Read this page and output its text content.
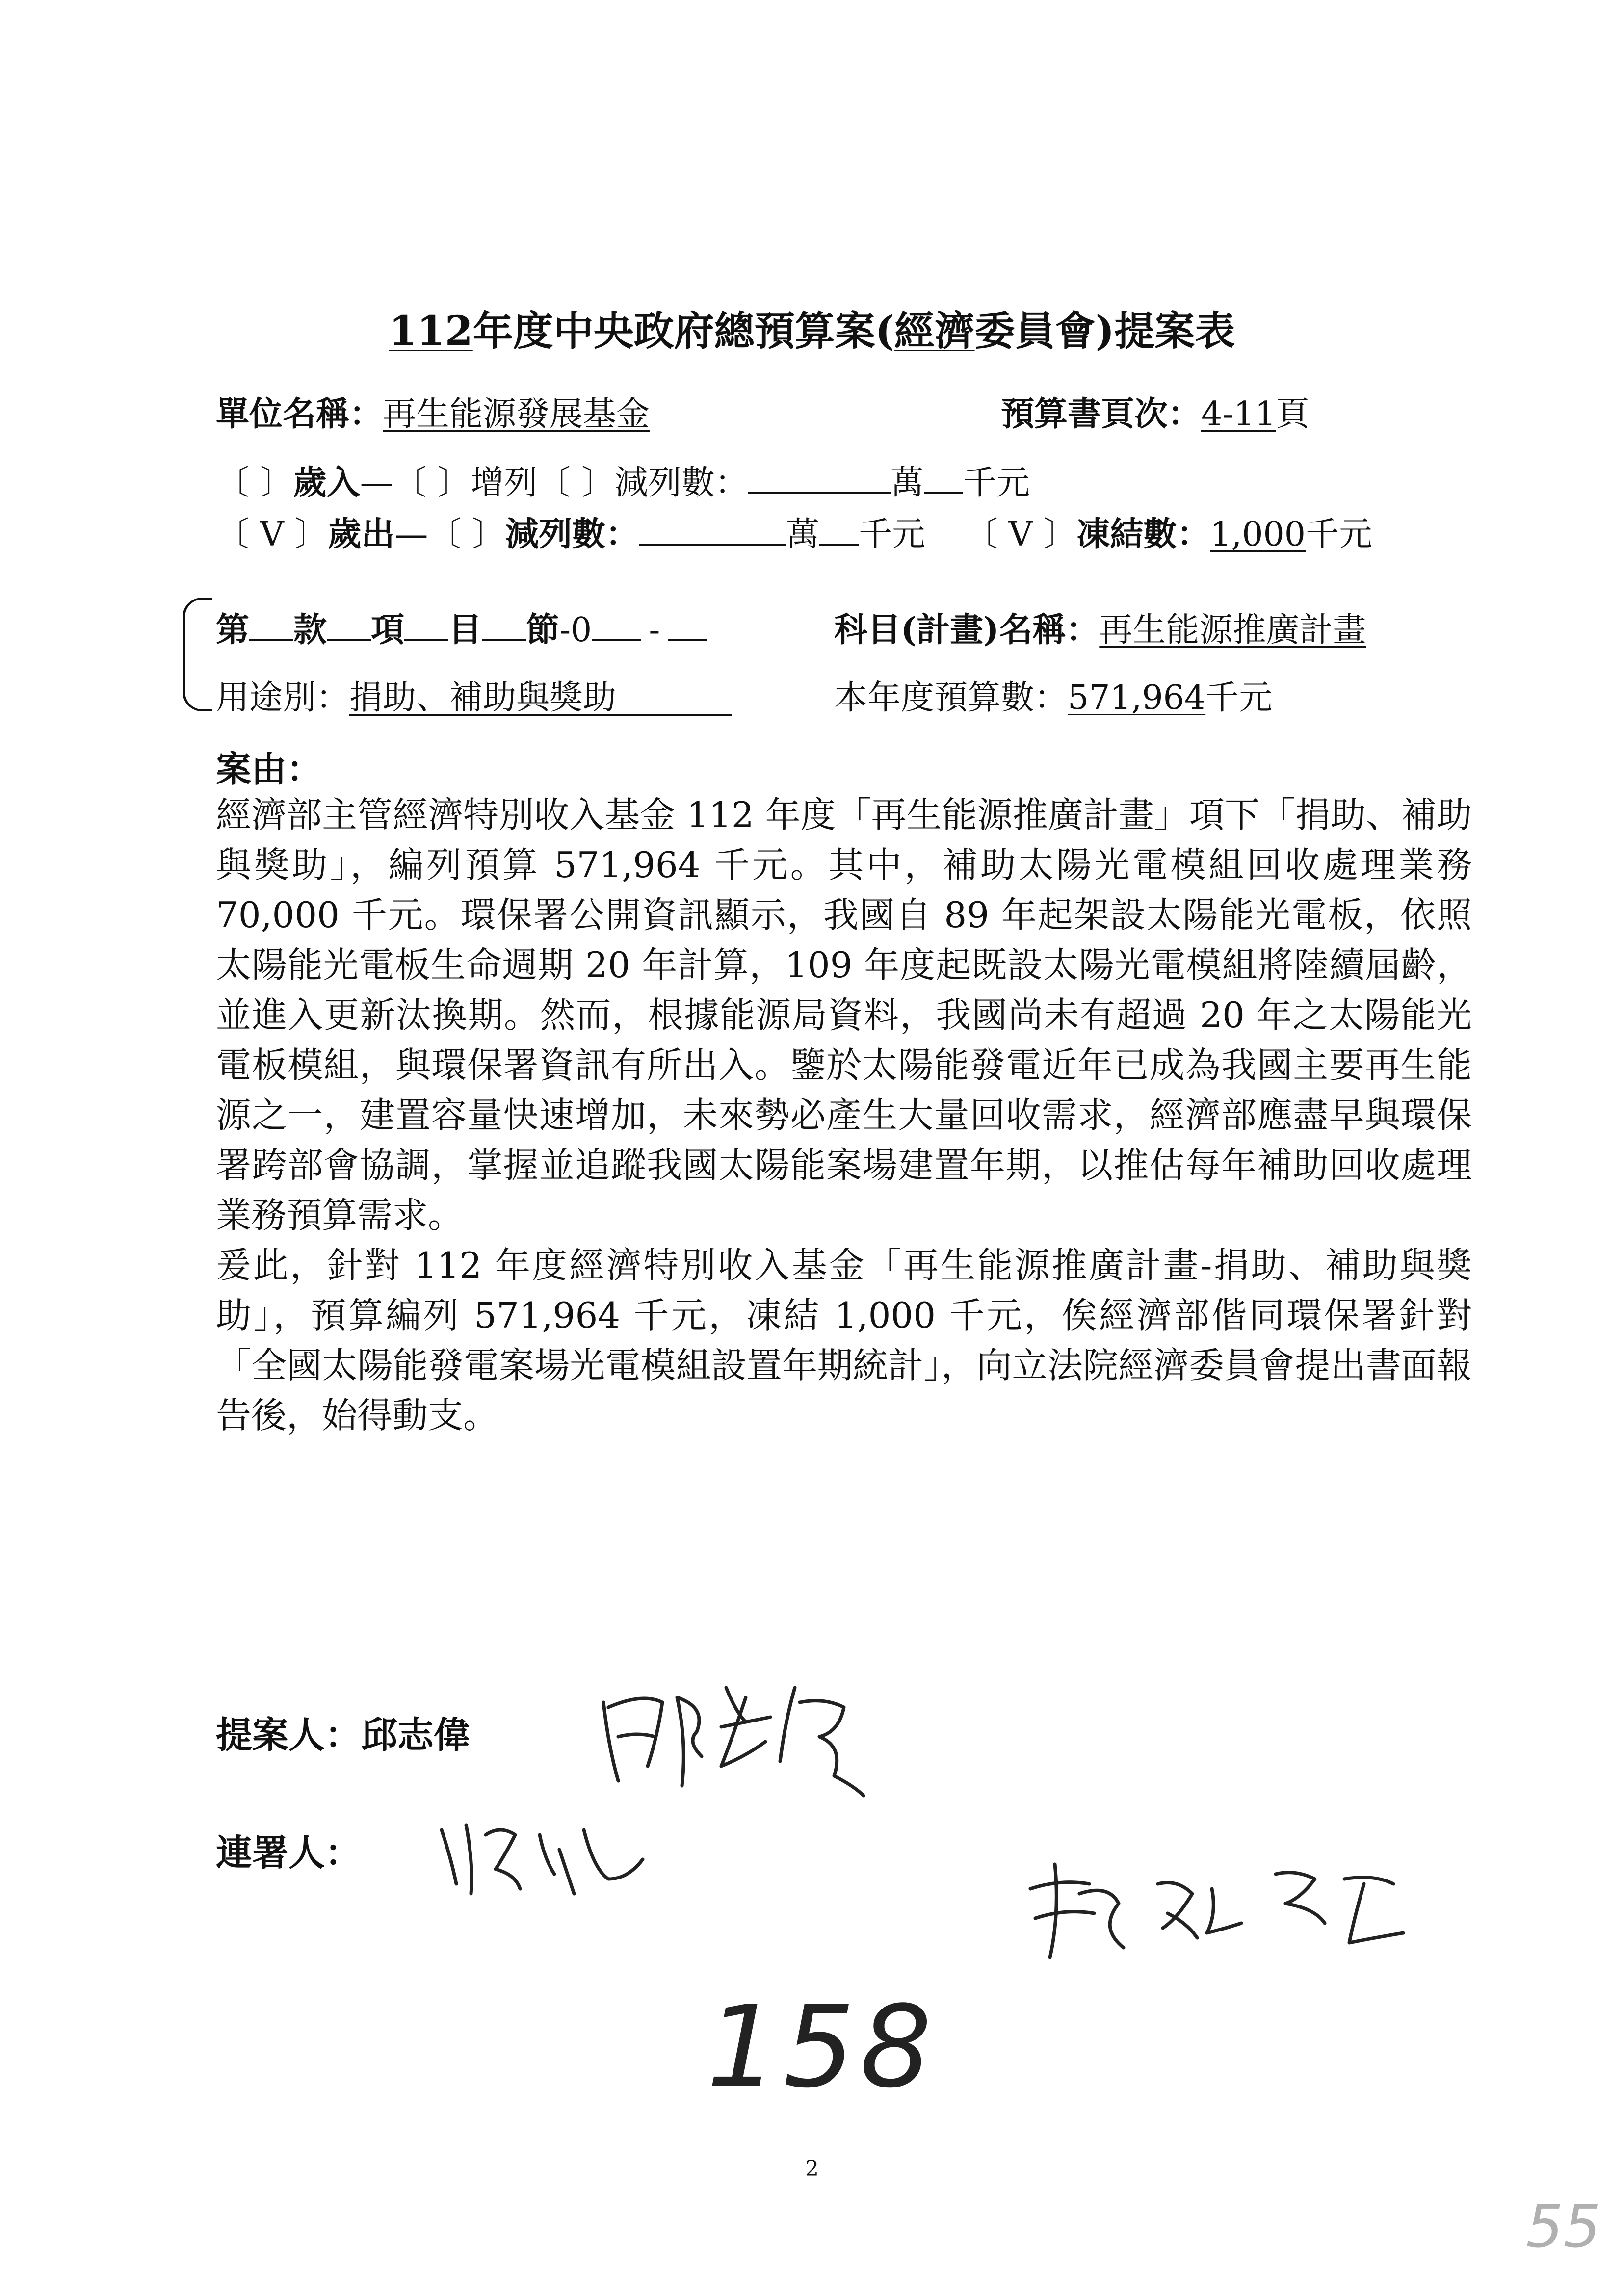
112年度中央政府總預算案(經濟委員會)提案表
單位名稱：再生能源發展基金	預算書頁次：4-11頁
〔 〕歲入—〔 〕增列〔 〕減列數：	萬 千元
〔 V 〕歲出—〔 〕減列數：	萬 千元 〔 V 〕凍結數：1,000千元
第 款 項 目 節-0 -	科目(計畫)名稱：再生能源推廣計畫
用途別：捐助、補助與獎助	本年度預算數：571,964千元
案由：

經濟部主管經濟特別收入基金 112 年度「再生能源推廣計畫」項下「捐助、補助與獎助」，編列預算 571,964 千元。其中，補助太陽光電模組回收處理業務 70,000 千元。環保署公開資訊顯示，我國自 89 年起架設太陽能光電板，依照太陽能光電板生命週期 20 年計算，109 年度起既設太陽光電模組將陸續屆齡，並進入更新汰換期。然而，根據能源局資料，我國尚未有超過 20 年之太陽能光電板模組，與環保署資訊有所出入。鑒於太陽能發電近年已成為我國主要再生能源之一，建置容量快速增加，未來勢必產生大量回收需求，經濟部應盡早與環保署跨部會協調，掌握並追蹤我國太陽能案場建置年期，以推估每年補助回收處理業務預算需求。

爰此，針對 112 年度經濟特別收入基金「再生能源推廣計畫-捐助、補助與獎助」，預算編列 571,964 千元，凍結 1,000 千元，俟經濟部偕同環保署針對「全國太陽能發電案場光電模組設置年期統計」，向立法院經濟委員會提出書面報告後，始得動支。

提案人：邱志偉
連署人：
158
2
55
